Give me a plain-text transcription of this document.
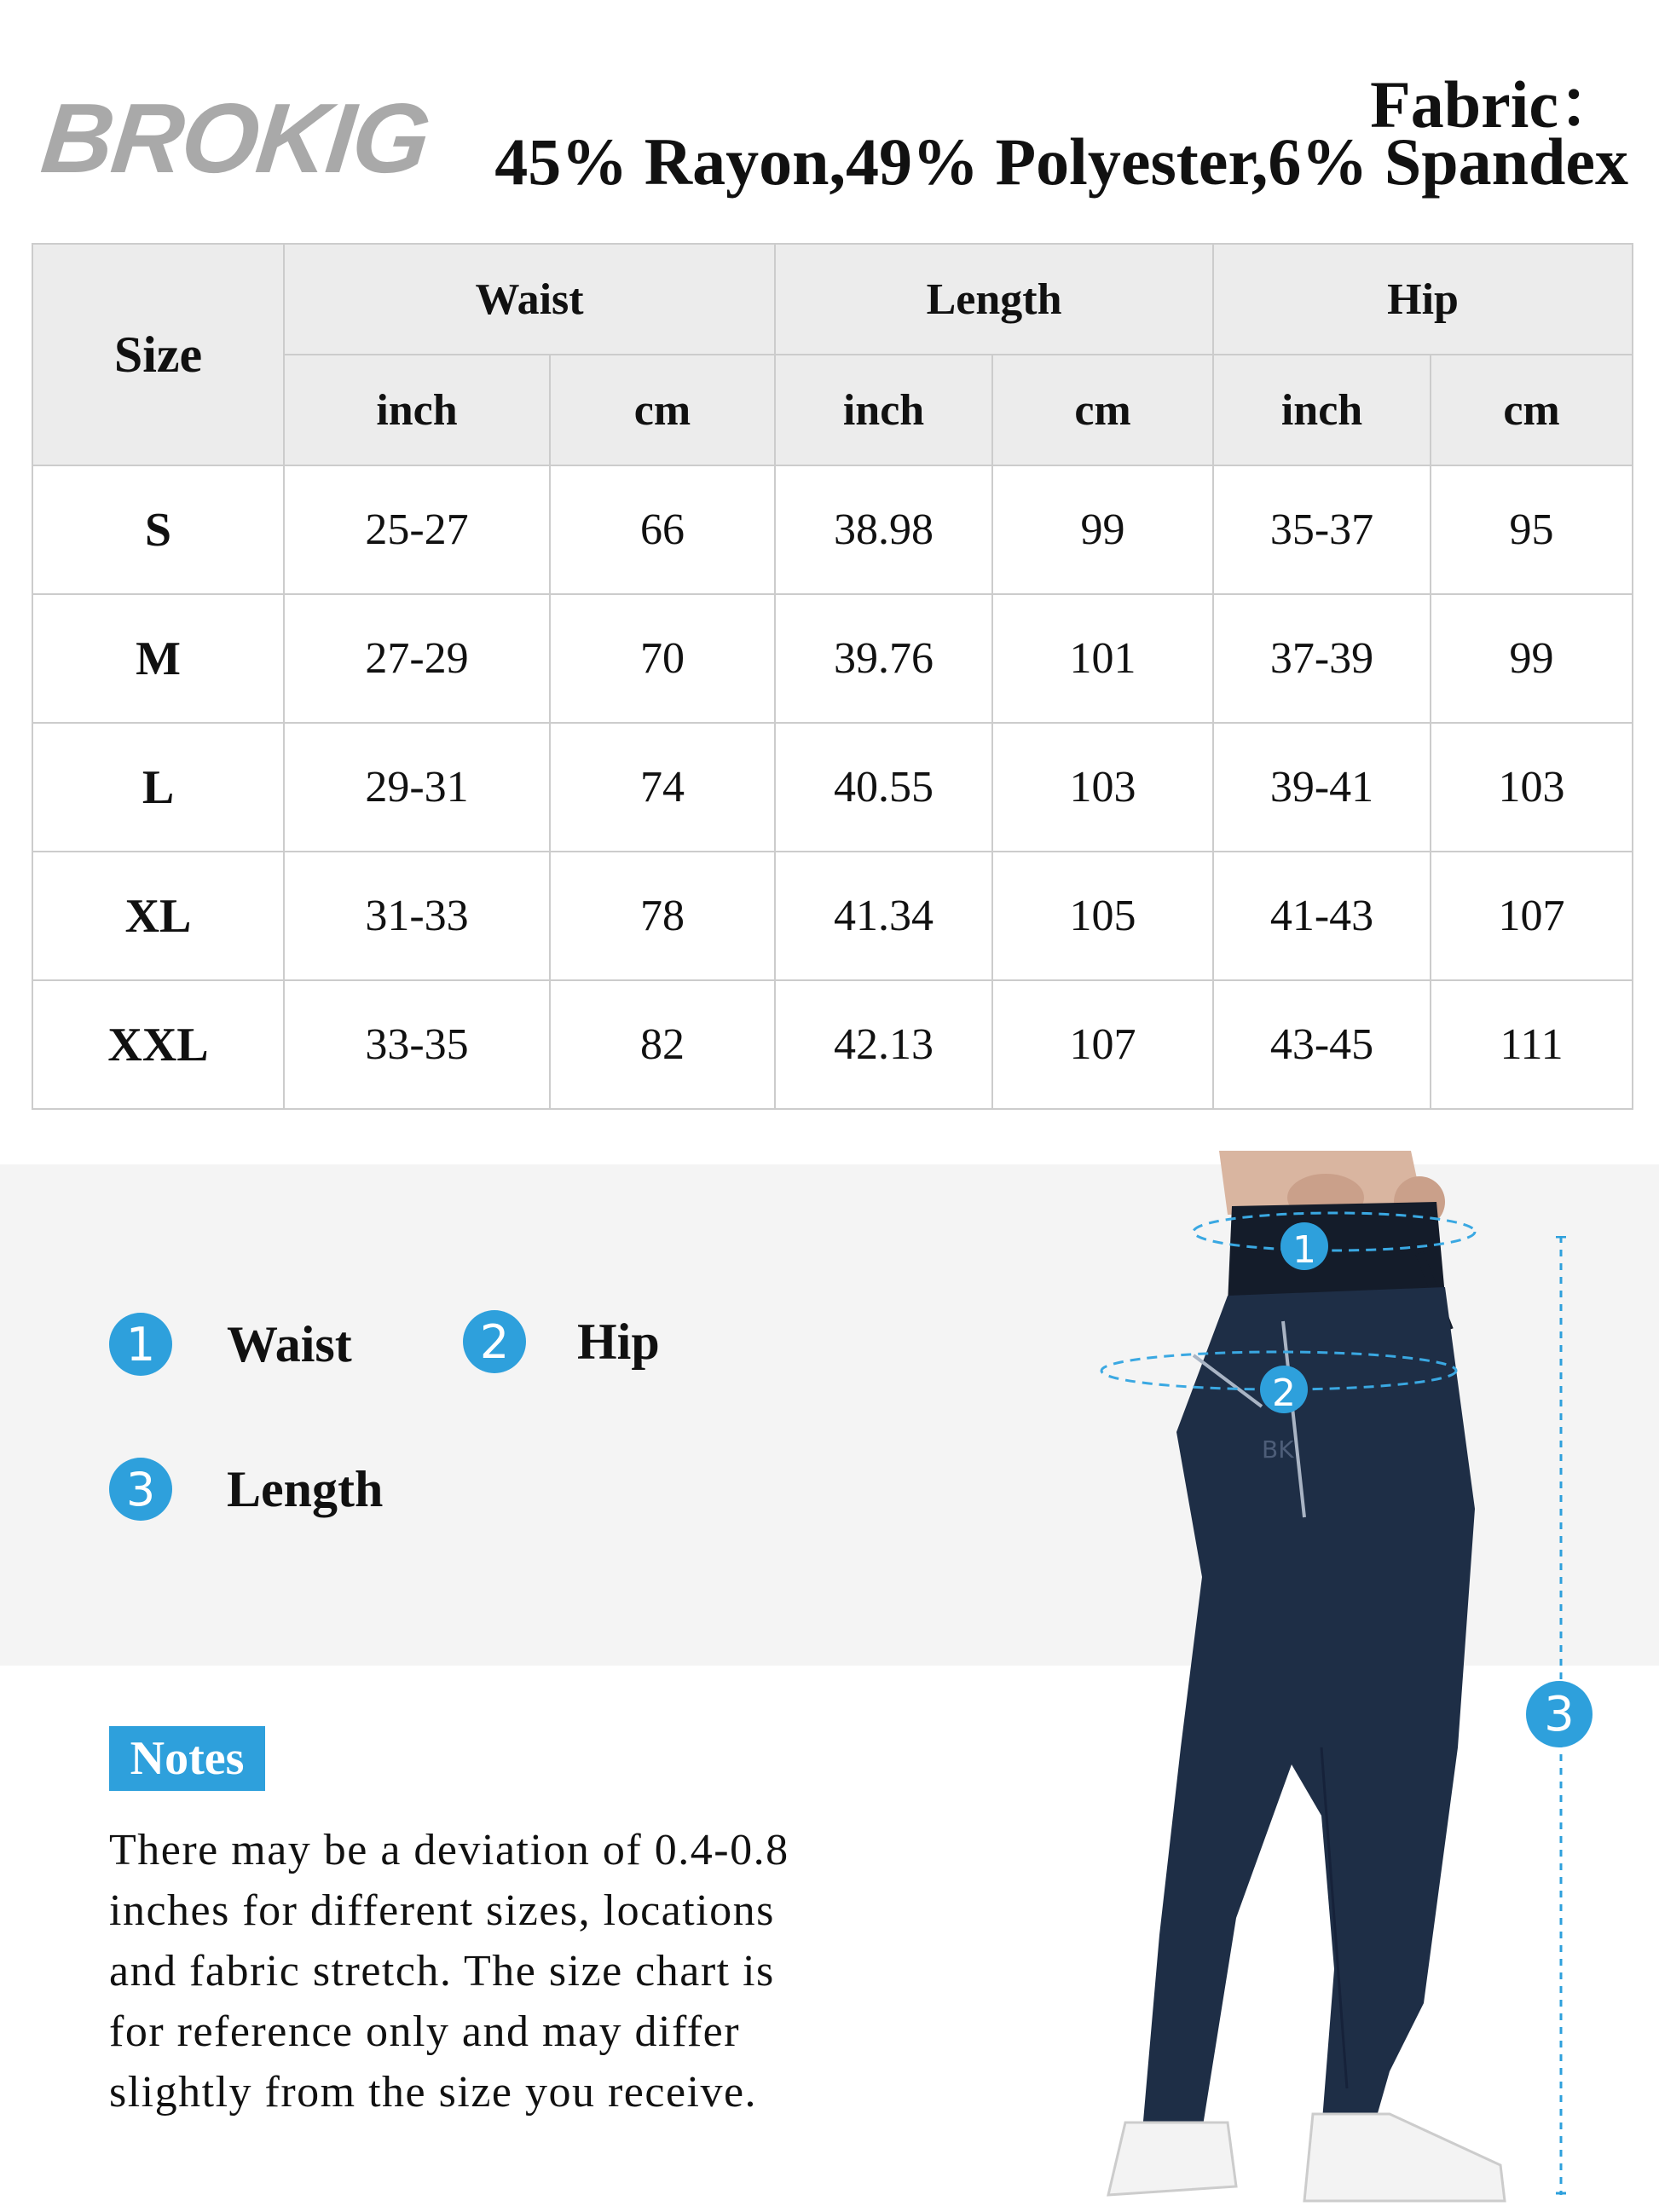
BROKIG	Fabric：
45% Rayon,49% Polyester,6% Spandex
Size	Waist		Length		Hip	
	inch	cm	inch	cm	inch	cm
S	25-27	66	38.98	99	35-37	95
M	27-29	70	39.76	101	37-39	99
L	29-31	74	40.55	103	39-41	103
XL	31-33	78	41.34	105	41-43	107
XXL	33-35	82	42.13	107	43-45	111
1	Waist	2	Hip
3	Length
Notes
There may be a deviation of 0.4-0.8
inches for different sizes, locations
and fabric stretch. The size chart is
for reference only and may differ
slightly from the size you receive.
BK
1
2
3
